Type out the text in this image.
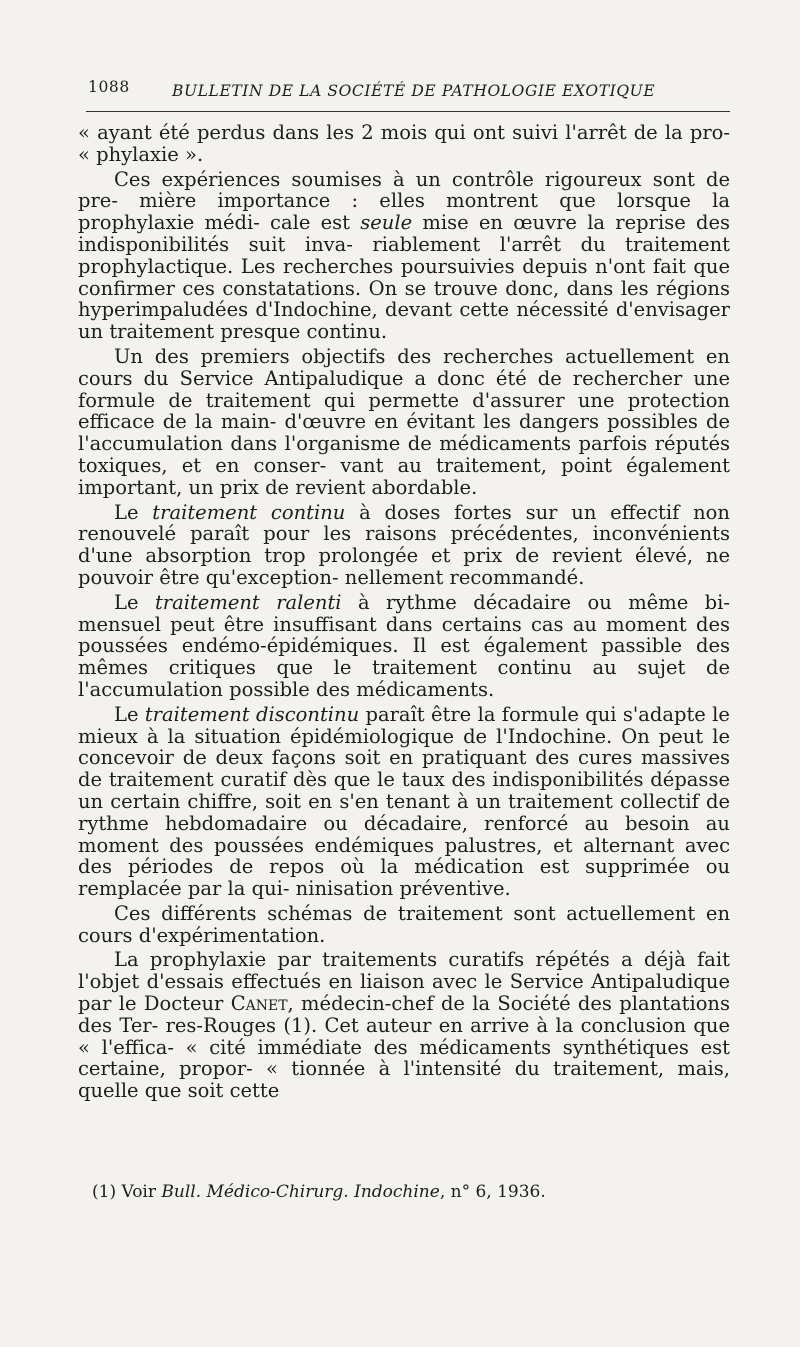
1088	BULLETIN DE LA SOCIÉTÉ DE PATHOLOGIE EXOTIQUE

« ayant été perdus dans les 2 mois qui ont suivi l'arrêt de la pro- « phylaxie ».

Ces expériences soumises à un contrôle rigoureux sont de pre- mière importance : elles montrent que lorsque la prophylaxie médi- cale est seule mise en œuvre la reprise des indisponibilités suit inva- riablement l'arrêt du traitement prophylactique. Les recherches poursuivies depuis n'ont fait que confirmer ces constatations. On se trouve donc, dans les régions hyperimpaludées d'Indochine, devant cette nécessité d'envisager un traitement presque continu.

Un des premiers objectifs des recherches actuellement en cours du Service Antipaludique a donc été de rechercher une formule de traitement qui permette d'assurer une protection efficace de la main- d'œuvre en évitant les dangers possibles de l'accumulation dans l'organisme de médicaments parfois réputés toxiques, et en conser- vant au traitement, point également important, un prix de revient abordable.

Le traitement continu à doses fortes sur un effectif non renouvelé paraît pour les raisons précédentes, inconvénients d'une absorption trop prolongée et prix de revient élevé, ne pouvoir être qu'exception- nellement recommandé.

Le traitement ralenti à rythme décadaire ou même bi-mensuel peut être insuffisant dans certains cas au moment des poussées endémo-épidémiques. Il est également passible des mêmes critiques que le traitement continu au sujet de l'accumulation possible des médicaments.

Le traitement discontinu paraît être la formule qui s'adapte le mieux à la situation épidémiologique de l'Indochine. On peut le concevoir de deux façons soit en pratiquant des cures massives de traitement curatif dès que le taux des indisponibilités dépasse un certain chiffre, soit en s'en tenant à un traitement collectif de rythme hebdomadaire ou décadaire, renforcé au besoin au moment des poussées endémiques palustres, et alternant avec des périodes de repos où la médication est supprimée ou remplacée par la qui- ninisation préventive.

Ces différents schémas de traitement sont actuellement en cours d'expérimentation.

La prophylaxie par traitements curatifs répétés a déjà fait l'objet d'essais effectués en liaison avec le Service Antipaludique par le Docteur Canet, médecin-chef de la Société des plantations des Ter- res-Rouges (1). Cet auteur en arrive à la conclusion que « l'effica- « cité immédiate des médicaments synthétiques est certaine, propor- « tionnée à l'intensité du traitement, mais, quelle que soit cette

(1) Voir Bull. Médico-Chirurg. Indochine, n° 6, 1936.
